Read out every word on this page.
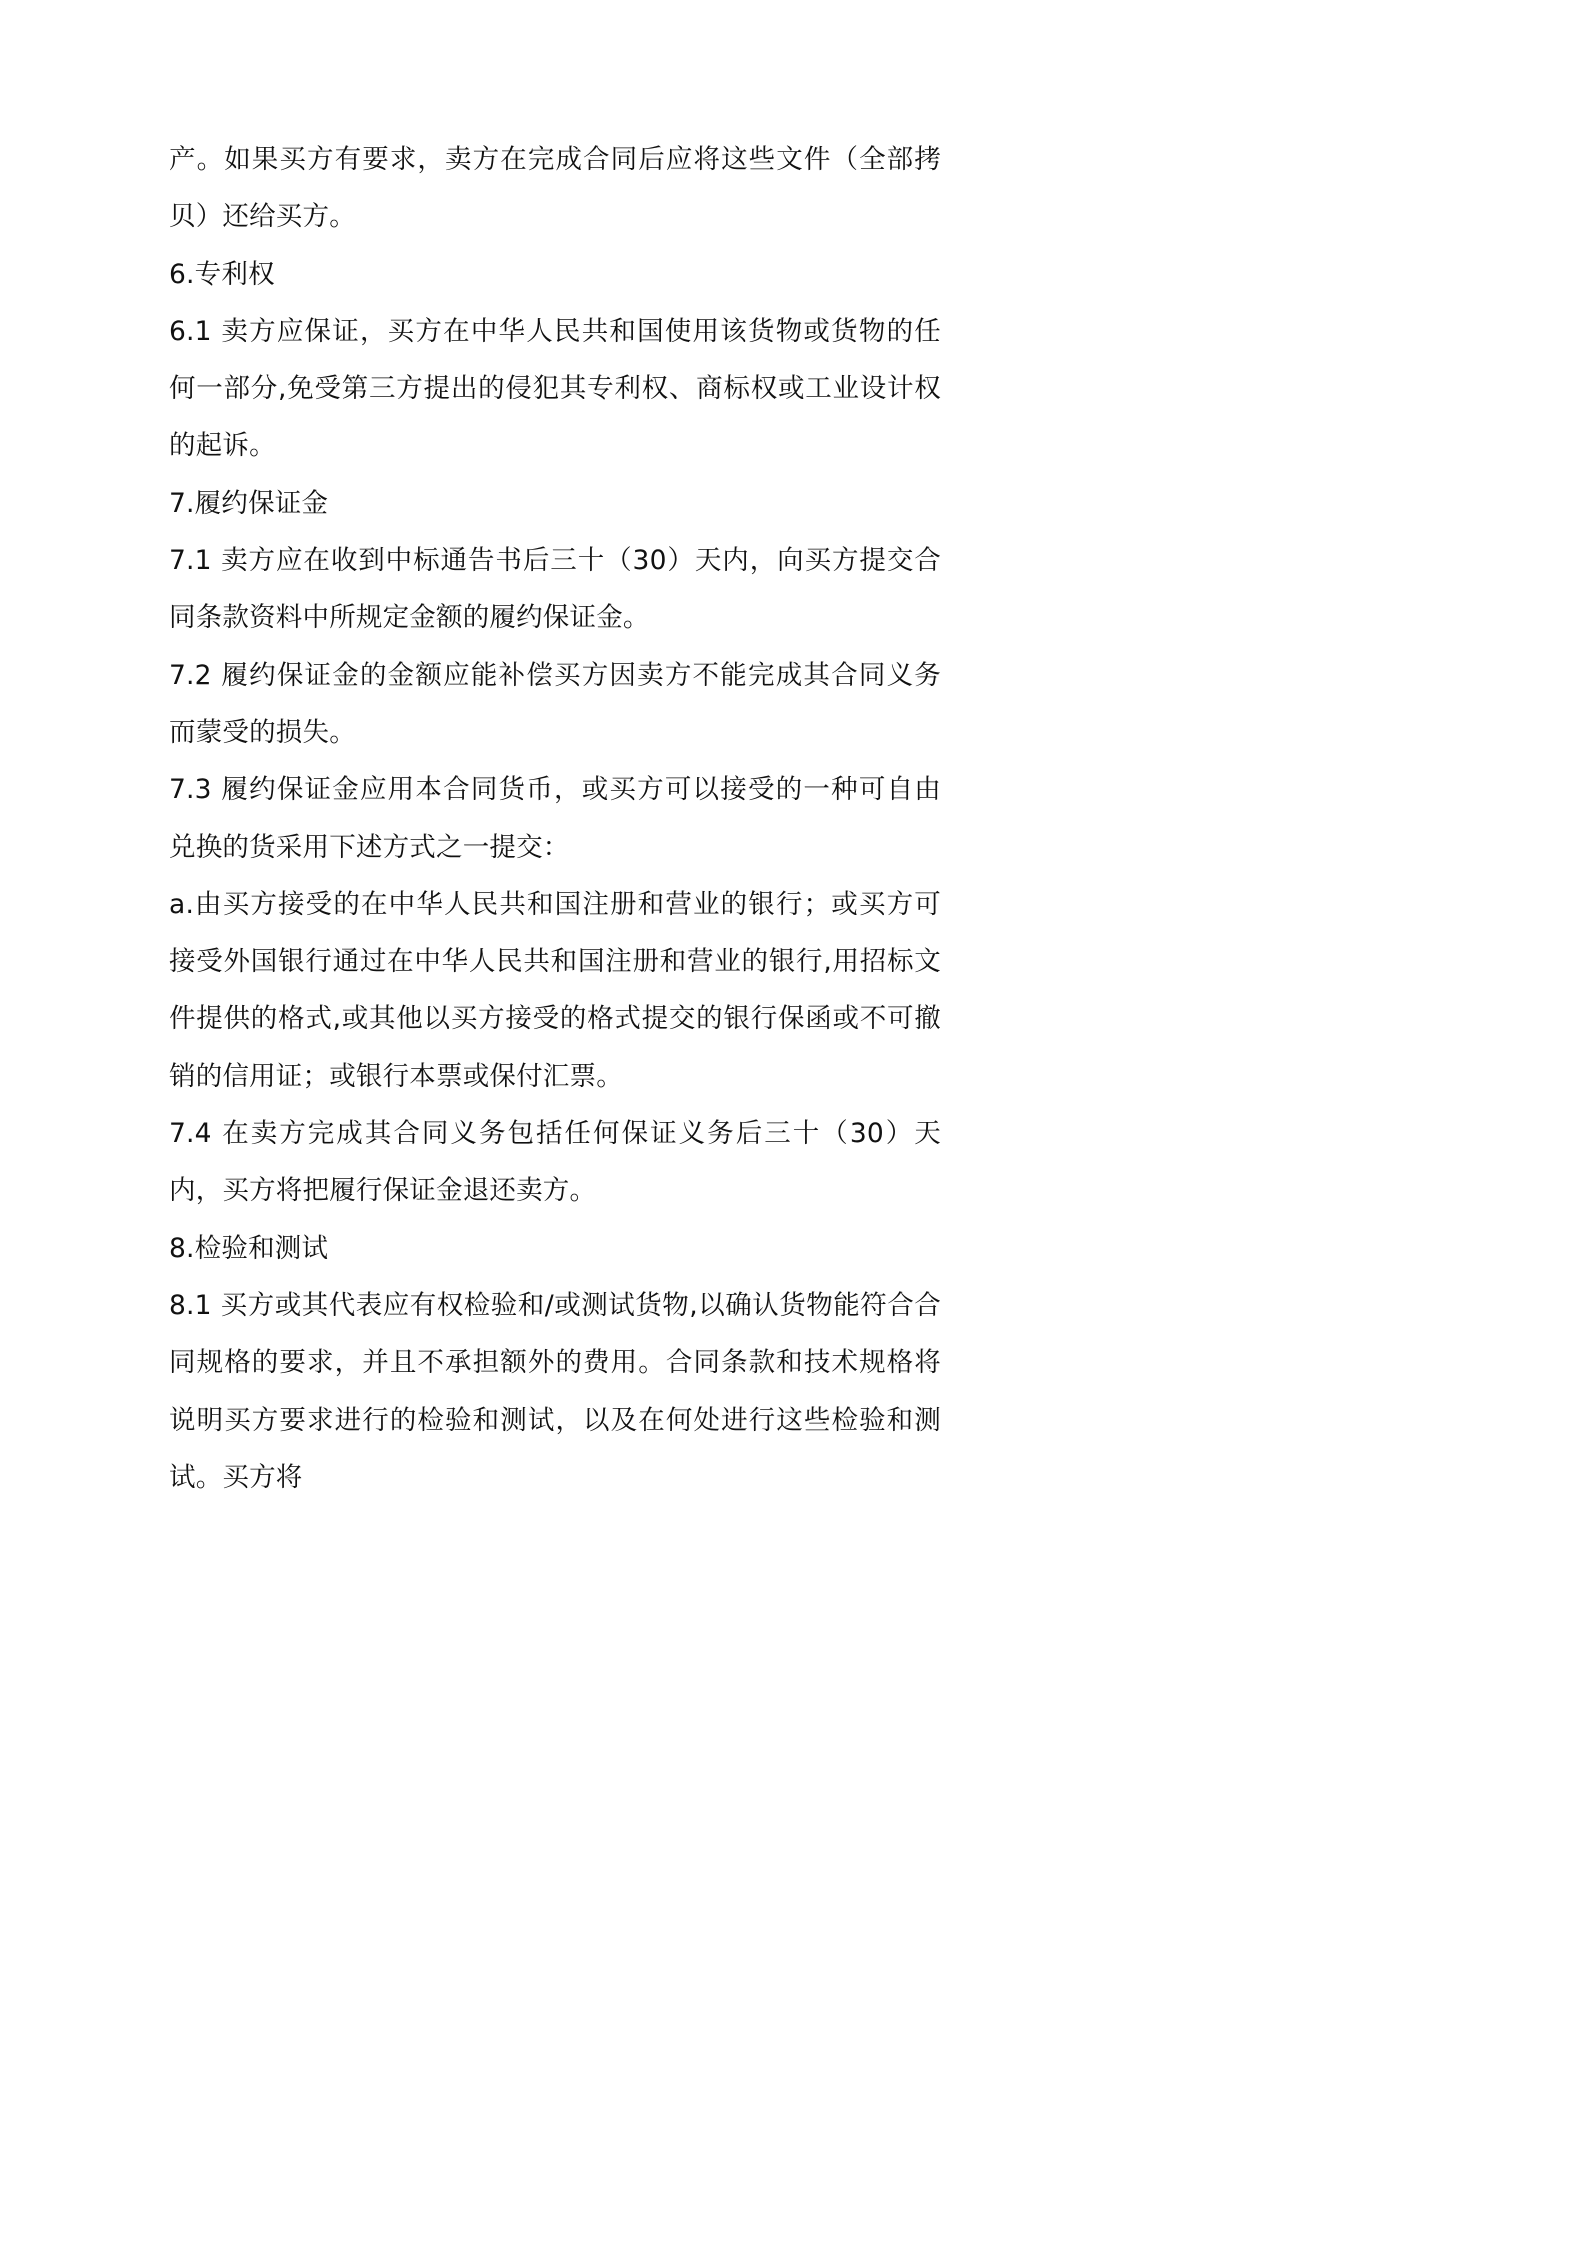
产。如果买方有要求，卖方在完成合同后应将这些文件（全部拷贝）还给买方。

6.专利权

6.1 卖方应保证，买方在中华人民共和国使用该货物或货物的任何一部分,免受第三方提出的侵犯其专利权、商标权或工业设计权的起诉。

7.履约保证金

7.1 卖方应在收到中标通告书后三十（30）天内，向买方提交合同条款资料中所规定金额的履约保证金。

7.2 履约保证金的金额应能补偿买方因卖方不能完成其合同义务而蒙受的损失。

7.3 履约保证金应用本合同货币，或买方可以接受的一种可自由兑换的货采用下述方式之一提交：

a.由买方接受的在中华人民共和国注册和营业的银行；或买方可接受外国银行通过在中华人民共和国注册和营业的银行,用招标文件提供的格式,或其他以买方接受的格式提交的银行保函或不可撤销的信用证；或银行本票或保付汇票。

7.4 在卖方完成其合同义务包括任何保证义务后三十（30）天内，买方将把履行保证金退还卖方。

8.检验和测试

8.1 买方或其代表应有权检验和/或测试货物,以确认货物能符合合同规格的要求，并且不承担额外的费用。合同条款和技术规格将说明买方要求进行的检验和测试，以及在何处进行这些检验和测试。买方将
